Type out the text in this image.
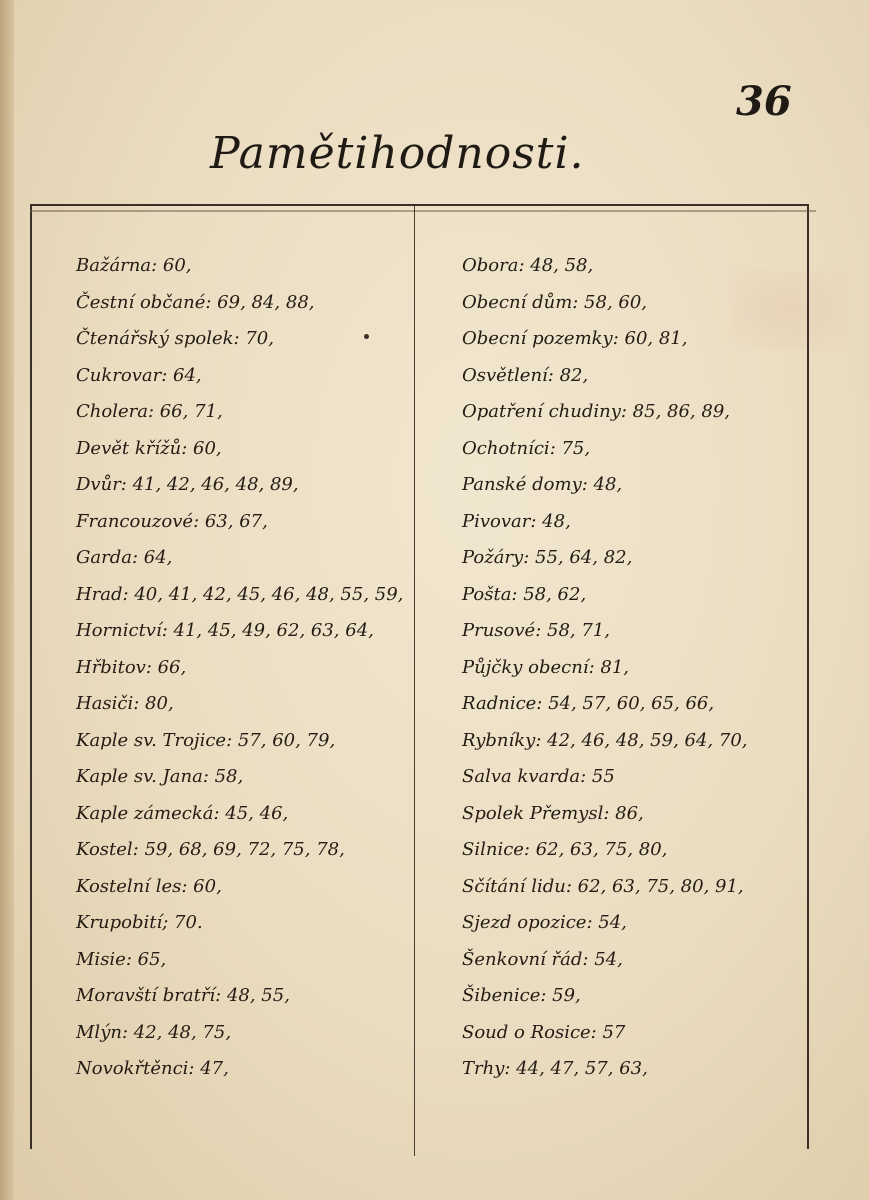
36
Pamětihodnosti.
Bažárna: 60,
Čestní občané: 69, 84, 88,
Čtenářský spolek: 70,
Cukrovar: 64,
Cholera: 66, 71,
Devět křížů: 60,
Dvůr: 41, 42, 46, 48, 89,
Francouzové: 63, 67,
Garda: 64,
Hrad: 40, 41, 42, 45, 46, 48, 55, 59,
Hornictví: 41, 45, 49, 62, 63, 64,
Hřbitov: 66,
Hasiči: 80,
Kaple sv. Trojice: 57, 60, 79,
Kaple sv. Jana: 58,
Kaple zámecká: 45, 46,
Kostel: 59, 68, 69, 72, 75, 78,
Kostelní les: 60,
Krupobití; 70.
Misie: 65,
Moravští bratří: 48, 55,
Mlýn: 42, 48, 75,
Novokřtěnci: 47,
Obora: 48, 58,
Obecní dům: 58, 60,
Obecní pozemky: 60, 81,
Osvětlení: 82,
Opatření chudiny: 85, 86, 89,
Ochotníci: 75,
Panské domy: 48,
Pivovar: 48,
Požáry: 55, 64, 82,
Pošta: 58, 62,
Prusové: 58, 71,
Půjčky obecní: 81,
Radnice: 54, 57, 60, 65, 66,
Rybníky: 42, 46, 48, 59, 64, 70,
Salva kvarda: 55
Spolek Přemysl: 86,
Silnice: 62, 63, 75, 80,
Sčítání lidu: 62, 63, 75, 80, 91,
Sjezd opozice: 54,
Šenkovní řád: 54,
Šibenice: 59,
Soud o Rosice: 57
Trhy: 44, 47, 57, 63,
